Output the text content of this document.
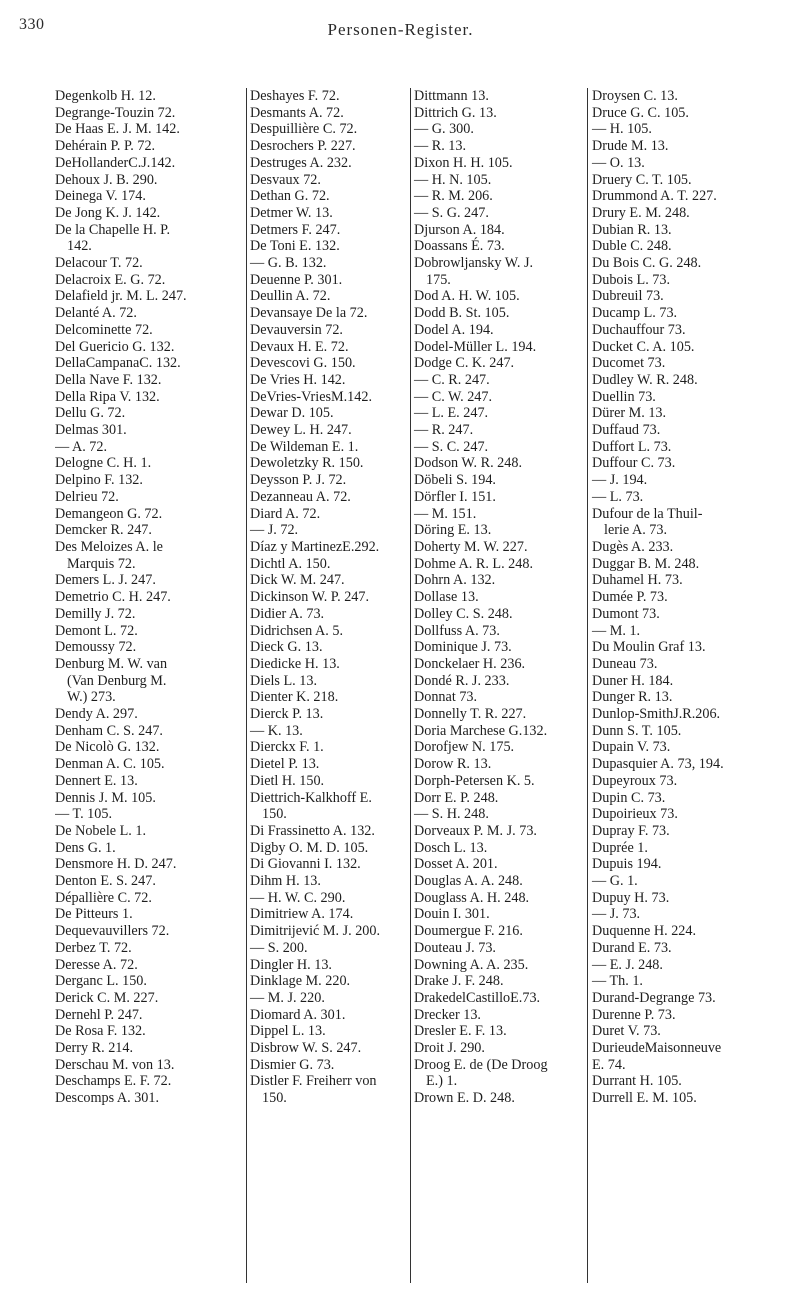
330	Personen-Register.
Degenkolb H. 12.
Degrange-Touzin 72.
De Haas E. J. M. 142.
Dehérain P. P. 72.
DeHollanderC.J.142.
Dehoux J. B. 290.
Deinega V. 174.
De Jong K. J. 142.
De la Chapelle H. P.
142.
Delacour T. 72.
Delacroix E. G. 72.
Delafield jr. M. L. 247.
Delanté A. 72.
Delcominette 72.
Del Guericio G. 132.
DellaCampanaC. 132.
Della Nave F. 132.
Della Ripa V. 132.
Dellu G. 72.
Delmas 301.
— A. 72.
Delogne C. H. 1.
Delpino F. 132.
Delrieu 72.
Demangeon G. 72.
Demcker R. 247.
Des Meloizes A. le
Marquis 72.
Demers L. J. 247.
Demetrio C. H. 247.
Demilly J. 72.
Demont L. 72.
Demoussy 72.
Denburg M. W. van
(Van Denburg M.
W.) 273.
Dendy A. 297.
Denham C. S. 247.
De Nicolò G. 132.
Denman A. C. 105.
Dennert E. 13.
Dennis J. M. 105.
— T. 105.
De Nobele L. 1.
Dens G. 1.
Densmore H. D. 247.
Denton E. S. 247.
Dépallière C. 72.
De Pitteurs 1.
Dequevauvillers 72.
Derbez T. 72.
Deresse A. 72.
Derganc L. 150.
Derick C. M. 227.
Dernehl P. 247.
De Rosa F. 132.
Derry R. 214.
Derschau M. von 13.
Deschamps E. F. 72.
Descomps A. 301.
Deshayes F. 72.
Desmants A. 72.
Despuillière C. 72.
Desrochers P. 227.
Destruges A. 232.
Desvaux 72.
Dethan G. 72.
Detmer W. 13.
Detmers F. 247.
De Toni E. 132.
— G. B. 132.
Deuenne P. 301.
Deullin A. 72.
Devansaye De la 72.
Devauversin 72.
Devaux H. E. 72.
Devescovi G. 150.
De Vries H. 142.
DeVries-VriesM.142.
Dewar D. 105.
Dewey L. H. 247.
De Wildeman E. 1.
Dewoletzky R. 150.
Deysson P. J. 72.
Dezanneau A. 72.
Diard A. 72.
— J. 72.
Díaz y MartinezE.292.
Dichtl A. 150.
Dick W. M. 247.
Dickinson W. P. 247.
Didier A. 73.
Didrichsen A. 5.
Dieck G. 13.
Diedicke H. 13.
Diels L. 13.
Dienter K. 218.
Dierck P. 13.
— K. 13.
Dierckx F. 1.
Dietel P. 13.
Dietl H. 150.
Diettrich-Kalkhoff E.
150.
Di Frassinetto A. 132.
Digby O. M. D. 105.
Di Giovanni I. 132.
Dihm H. 13.
— H. W. C. 290.
Dimitriew A. 174.
Dimitrijević M. J. 200.
— S. 200.
Dingler H. 13.
Dinklage M. 220.
— M. J. 220.
Diomard A. 301.
Dippel L. 13.
Disbrow W. S. 247.
Dismier G. 73.
Distler F. Freiherr von
150.
Dittmann 13.
Dittrich G. 13.
— G. 300.
— R. 13.
Dixon H. H. 105.
— H. N. 105.
— R. M. 206.
— S. G. 247.
Djurson A. 184.
Doassans É. 73.
Dobrowljansky W. J.
175.
Dod A. H. W. 105.
Dodd B. St. 105.
Dodel A. 194.
Dodel-Müller L. 194.
Dodge C. K. 247.
— C. R. 247.
— C. W. 247.
— L. E. 247.
— R. 247.
— S. C. 247.
Dodson W. R. 248.
Döbeli S. 194.
Dörfler I. 151.
— M. 151.
Döring E. 13.
Doherty M. W. 227.
Dohme A. R. L. 248.
Dohrn A. 132.
Dollase 13.
Dolley C. S. 248.
Dollfuss A. 73.
Dominique J. 73.
Donckelaer H. 236.
Dondé R. J. 233.
Donnat 73.
Donnelly T. R. 227.
Doria Marchese G.132.
Dorofjew N. 175.
Dorow R. 13.
Dorph-Petersen K. 5.
Dorr E. P. 248.
— S. H. 248.
Dorveaux P. M. J. 73.
Dosch L. 13.
Dosset A. 201.
Douglas A. A. 248.
Douglass A. H. 248.
Douin I. 301.
Doumergue F. 216.
Douteau J. 73.
Downing A. A. 235.
Drake J. F. 248.
DrakedelCastilloE.73.
Drecker 13.
Dresler E. F. 13.
Droit J. 290.
Droog E. de (De Droog
E.) 1.
Drown E. D. 248.
Droysen C. 13.
Druce G. C. 105.
— H. 105.
Drude M. 13.
— O. 13.
Druery C. T. 105.
Drummond A. T. 227.
Drury E. M. 248.
Dubian R. 13.
Duble C. 248.
Du Bois C. G. 248.
Dubois L. 73.
Dubreuil 73.
Ducamp L. 73.
Duchauffour 73.
Ducket C. A. 105.
Ducomet 73.
Dudley W. R. 248.
Duellin 73.
Dürer M. 13.
Duffaud 73.
Duffort L. 73.
Duffour C. 73.
— J. 194.
— L. 73.
Dufour de la Thuil-
lerie A. 73.
Dugès A. 233.
Duggar B. M. 248.
Duhamel H. 73.
Dumée P. 73.
Dumont 73.
— M. 1.
Du Moulin Graf 13.
Duneau 73.
Duner H. 184.
Dunger R. 13.
Dunlop-SmithJ.R.206.
Dunn S. T. 105.
Dupain V. 73.
Dupasquier A. 73, 194.
Dupeyroux 73.
Dupin C. 73.
Dupoirieux 73.
Dupray F. 73.
Duprée 1.
Dupuis 194.
— G. 1.
Dupuy H. 73.
— J. 73.
Duquenne H. 224.
Durand E. 73.
— E. J. 248.
— Th. 1.
Durand-Degrange 73.
Durenne P. 73.
Duret V. 73.
DurieudeMaisonneuve
E. 74.
Durrant H. 105.
Durrell E. M. 105.
